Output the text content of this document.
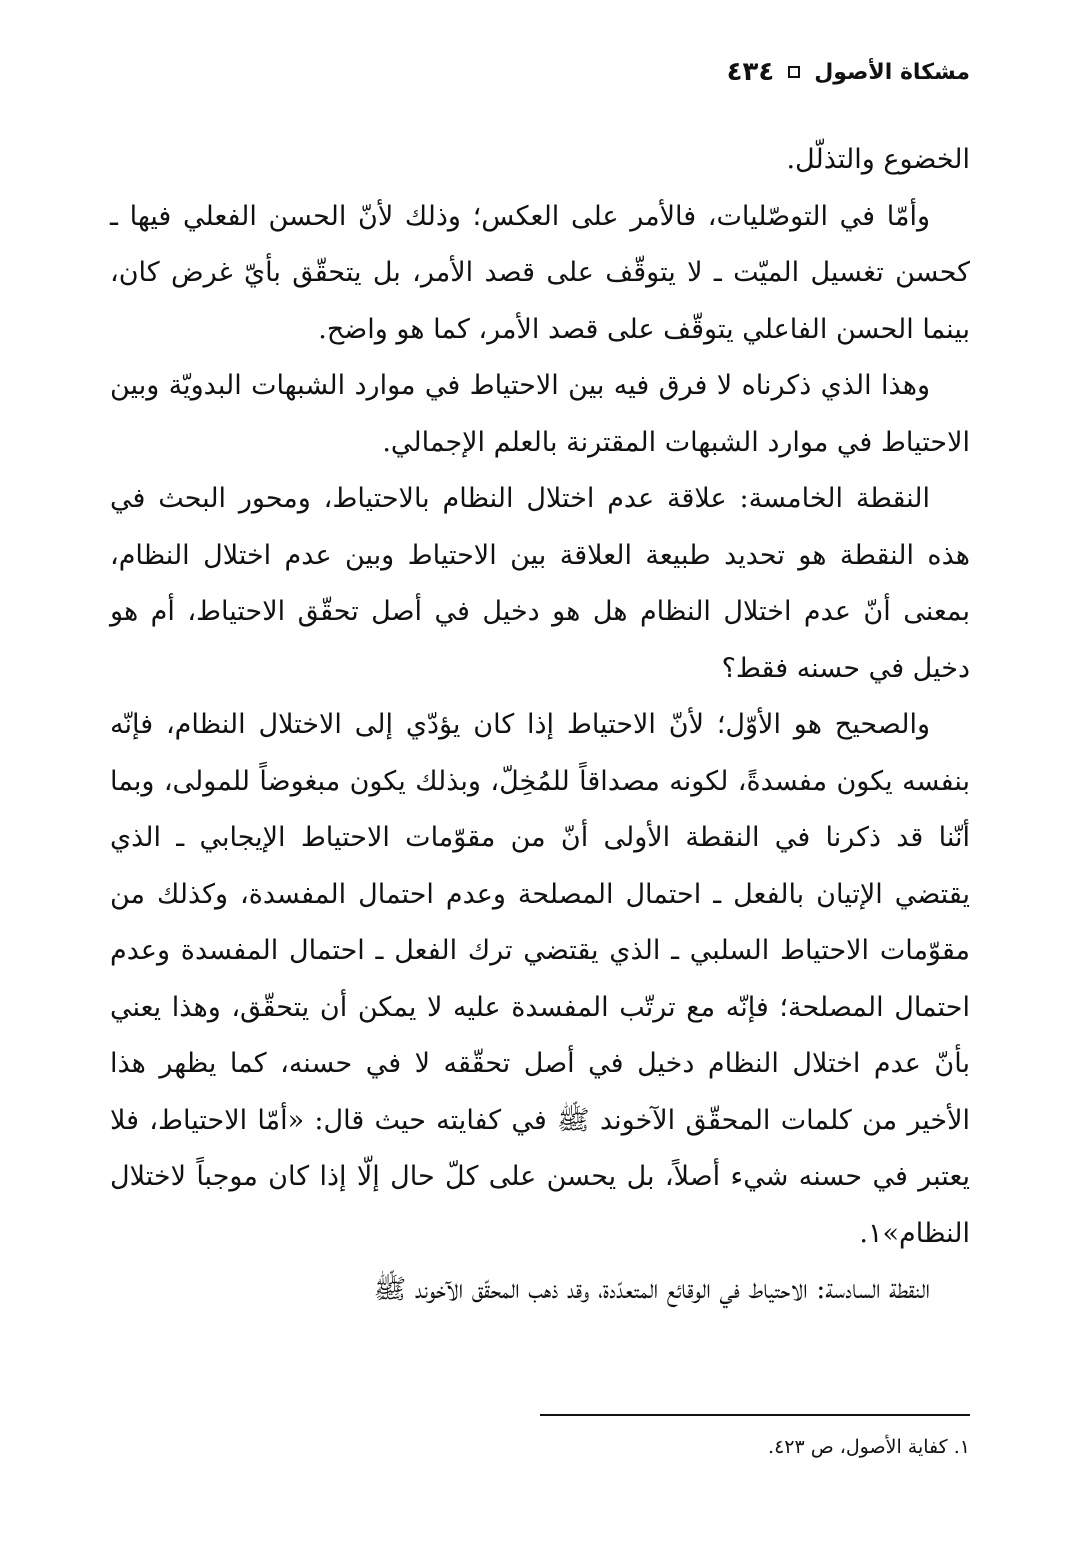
٤٣٤ مشكاة الأصول

الخضوع والتذلّل.

وأمّا في التوصّليات، فالأمر على العكس؛ وذلك لأنّ الحسن الفعلي فيها ـ كحسن تغسيل الميّت ـ لا يتوقّف على قصد الأمر، بل يتحقّق بأيّ غرض كان، بينما الحسن الفاعلي يتوقّف على قصد الأمر، كما هو واضح.

وهذا الذي ذكرناه لا فرق فيه بين الاحتياط في موارد الشبهات البدويّة وبين الاحتياط في موارد الشبهات المقترنة بالعلم الإجمالي.

النقطة الخامسة: علاقة عدم اختلال النظام بالاحتياط، ومحور البحث في هذه النقطة هو تحديد طبيعة العلاقة بين الاحتياط وبين عدم اختلال النظام، بمعنى أنّ عدم اختلال النظام هل هو دخيل في أصل تحقّق الاحتياط، أم هو دخيل في حسنه فقط؟

والصحيح هو الأوّل؛ لأنّ الاحتياط إذا كان يؤدّي إلى الاختلال النظام، فإنّه بنفسه يكون مفسدةً، لكونه مصداقاً للمُخِلّ، وبذلك يكون مبغوضاً للمولى، وبما أنّنا قد ذكرنا في النقطة الأولى أنّ من مقوّمات الاحتياط الإيجابي ـ الذي يقتضي الإتيان بالفعل ـ احتمال المصلحة وعدم احتمال المفسدة، وكذلك من مقوّمات الاحتياط السلبي ـ الذي يقتضي ترك الفعل ـ احتمال المفسدة وعدم احتمال المصلحة؛ فإنّه مع ترتّب المفسدة عليه لا يمكن أن يتحقّق، وهذا يعني بأنّ عدم اختلال النظام دخيل في أصل تحقّقه لا في حسنه، كما يظهر هذا الأخير من كلمات المحقّق الآخوند ﷺ في كفايته حيث قال: «أمّا الاحتياط، فلا يعتبر في حسنه شيء أصلاً، بل يحسن على كلّ حال إلّا إذا كان موجباً لاختلال النظام»١.

النقطة السادسة: الاحتياط في الوقائع المتعدّدة، وقد ذهب المحقّق الآخوند ﷺ

١. كفاية الأصول، ص ٤٢٣.
